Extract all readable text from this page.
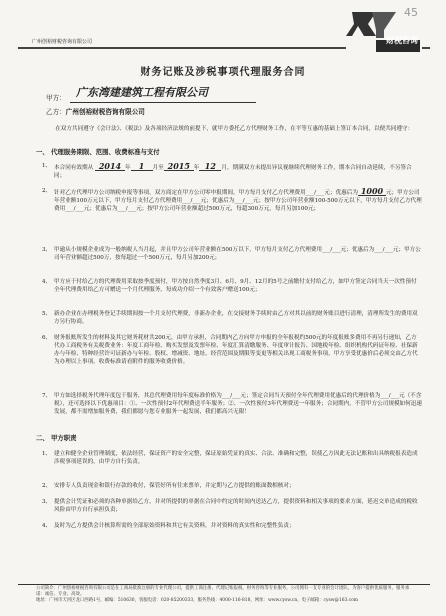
广州创裕财税咨询有限公司	财税咨询
45
财务记账及涉税事项代理服务合同
甲方： 广东湾建建筑工程有限公司
乙方：广州创裕财税咨询有限公司
在双方共同遵守《会计法》、《税法》及各项经济法规的前提下，就甲方委托乙方代理财务工作，在平等互惠的基础上签订本合同，以便共同遵守：
一、 代理服务期限、范围、收费标准与支付
1、 本合同有效期从 2014 年 1 月至 2015 年 12 月，期满双方未提出异议视继续代理财务工作，期本合同自动延续，不另签合同；
2、 针对乙方代理甲方公司纳税申报等事项，双方商定在甲方公司零申报期间，甲方每月支付乙方代理费用___/___元；优惠后为 1000 元；甲方公司年营业额100万元以下，甲方每月支付乙方代理费用___/___元；优惠后为___/___元；按甲方公司年营业额100-500万元以下，甲方每月支付乙方代理费用___/___元；优惠后为___/___元；按甲方公司年营业额超过500万元，每超300万元，每月另加100元；
3、 甲逾从小规模企业成为一般纳税人当月起，并且甲方公司年营业额在500万以下，甲方每月支付乙方代理费用___/___元；优惠后为___/___元；甲方公司年营业额超过500万，按每超过一个500万元，每月另加200元；
4、 甲方应于付给乙方的代理费用采取按季度预付，甲方按自然季度3月、6月、9月、12月的5号之前缴付支付给乙方，如甲方签定合同当天一次性预付全年代理费用给乙方可赠送一个月代理服务，每成功介绍一个有效客户赠送100元；
5、 新办企业在办理税务登记手续期间按一个月支付代理费，非新办企业，在交接财务手续时由乙方对其以前的财务账目进行清理，清理所发生的费用双方另行协商。
6、 财务报账所发生的材料及其它财务耗材共200元，由甲方承担，合同期内乙方向甲方申报的全年报税约500元的年度报账多费用不再另行递知，乙方代办工商税务有关税费业务：年度工商年检、购买发票及发票年检、年度汇算清缴服务、年度审计报告、国地税年检、组织机构代码证年检、社保新办与年检、特种经营许可证新办与年检、股权、增减资、地址、经营范围及期限等变更等相关出现工商税务事项，甲方享受优惠价后必须交由乙方代为办理以上事项，收费标准请看附件的服务收费价格。
7、 甲方如选择税务代理年度包干服务，其总代理费用每年度标准价格为___/___元；签定合同当天预付全年代理费用优惠后的代理价格为___/___元（不含税），还可选择以下优惠项目：①、一次性预付2年代理费送半年服务；②、一次性预付3年代理费送一年服务；合同期内，不管甲方公司规模如何迅速发展，都不需增加服务费，我们都愿与您专业服务一起发展，我们都高兴无限！
二、 甲方职责
1、 建立和健全企业管理制度，依法经营，保证资产的安全完整，保证原始凭证的真实、合法、准确和完整，误使乙方因此无法记账和出具纳税报表造成涉税事项延误的，由甲方自行负责。
2、 安排专人负责现金和银行存款的收付，保管好所有往来票单，并定期与乙方提供的账面数相核对；
3、 提供会计凭证和必须的各种单据给乙方，并对所提供的单据在合同中约定的时间内送达乙方，提供资料和相关事项的要求方面，延迟交单造成的税收风险由甲方自行承担负责；
4、 及时为乙方提供会计核算所需的全部原始资料和其它有关资料，并对资料的真实性和完整性负责；
公司简介：广州创裕财税咨询有限公司是在工商局批准注册的专业代理公司，提供工商注册、代理记账报税、财务咨询等专业服务，公司拥有一支专业的会计团队，为客户提供优质服务，服务承诺：诚信、专业、高效。
地址：广州市天河区龙口西路1号，邮编：510630，客服电话：020-85200333，服务热线：4000-116-818，网址：www.cysw.cn，电子邮箱：cysw@163.com
